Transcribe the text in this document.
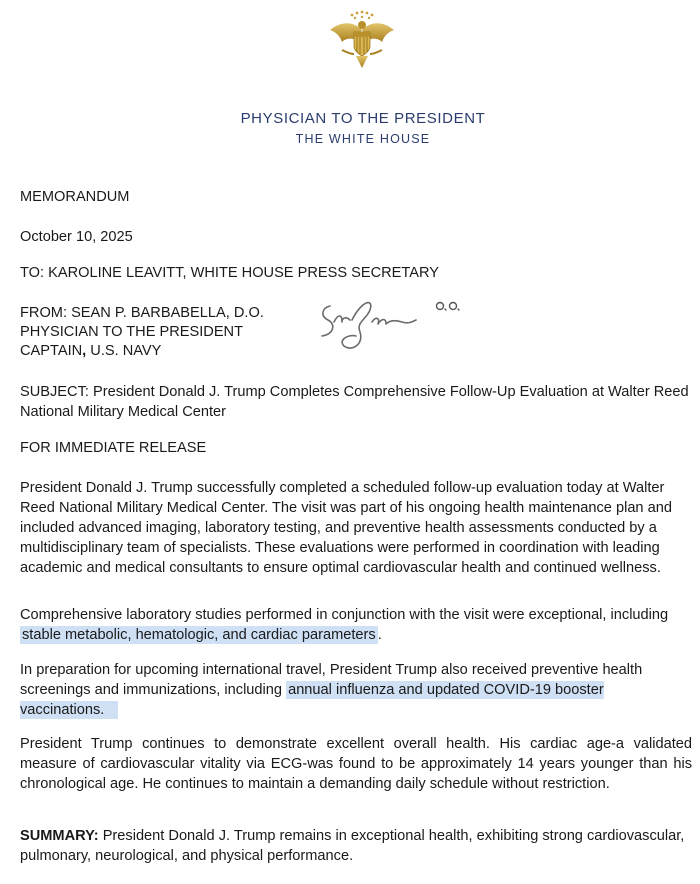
PHYSICIAN TO THE PRESIDENT
THE WHITE HOUSE
MEMORANDUM
October 10, 2025
TO: KAROLINE LEAVITT, WHITE HOUSE PRESS SECRETARY
FROM: SEAN P. BARBABELLA, D.O.
PHYSICIAN TO THE PRESIDENT
CAPTAIN, U.S. NAVY
SUBJECT: President Donald J. Trump Completes Comprehensive Follow-Up Evaluation at Walter Reed National Military Medical Center
FOR IMMEDIATE RELEASE
President Donald J. Trump successfully completed a scheduled follow-up evaluation today at Walter Reed National Military Medical Center. The visit was part of his ongoing health maintenance plan and included advanced imaging, laboratory testing, and preventive health assessments conducted by a multidisciplinary team of specialists. These evaluations were performed in coordination with leading academic and medical consultants to ensure optimal cardiovascular health and continued wellness.
Comprehensive laboratory studies performed in conjunction with the visit were exceptional, including stable metabolic, hematologic, and cardiac parameters .
In preparation for upcoming international travel, President Trump also received preventive health screenings and immunizations, including annual influenza and updated COVID-19 booster vaccinations.
President Trump continues to demonstrate excellent overall health. His cardiac age-a validated measure of cardiovascular vitality via ECG-was found to be approximately 14 years younger than his chronological age. He continues to maintain a demanding daily schedule without restriction.
SUMMARY: President Donald J. Trump remains in exceptional health, exhibiting strong cardiovascular, pulmonary, neurological, and physical performance.
